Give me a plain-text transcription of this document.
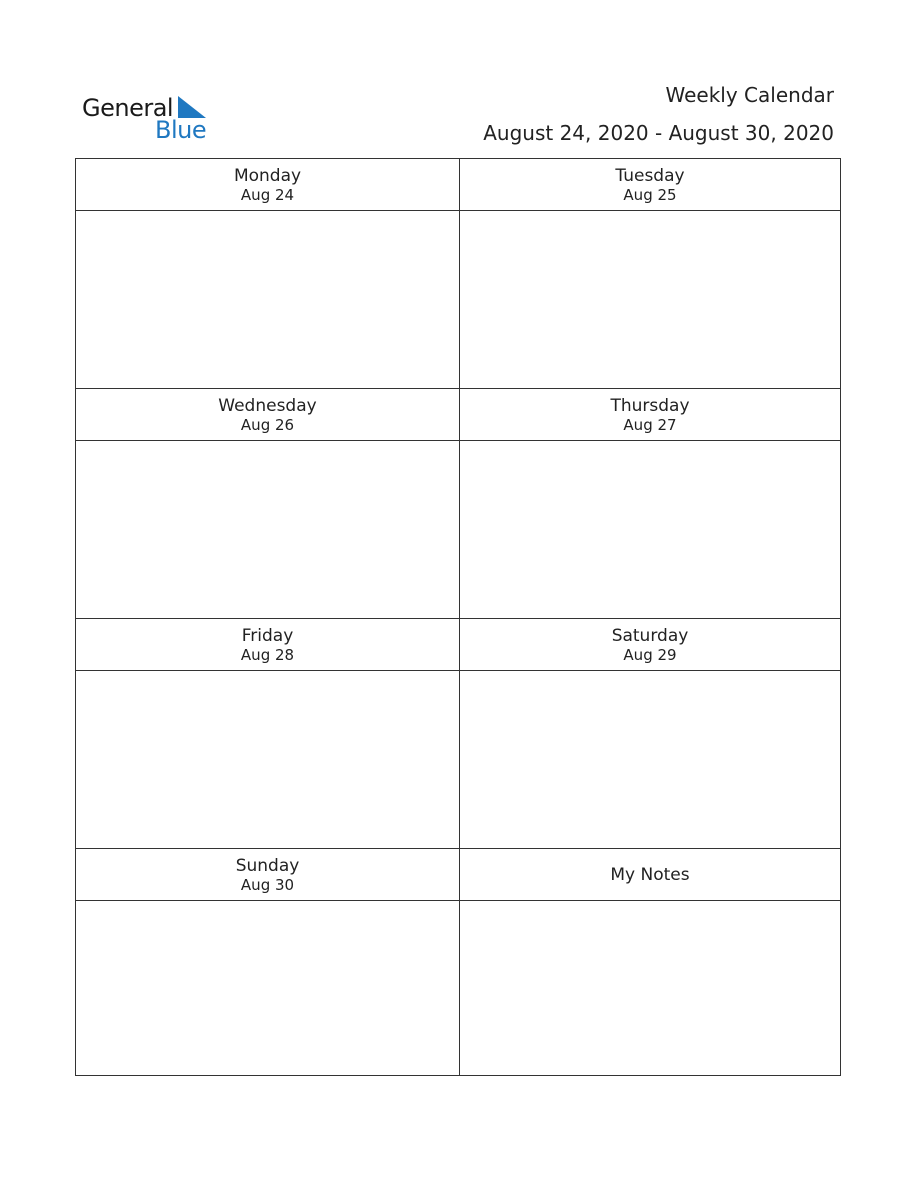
General
Blue
Weekly Calendar
August 24, 2020 - August 30, 2020
Monday
Aug 24
Tuesday
Aug 25
Wednesday
Aug 26
Thursday
Aug 27
Friday
Aug 28
Saturday
Aug 29
Sunday
Aug 30	My Notes
